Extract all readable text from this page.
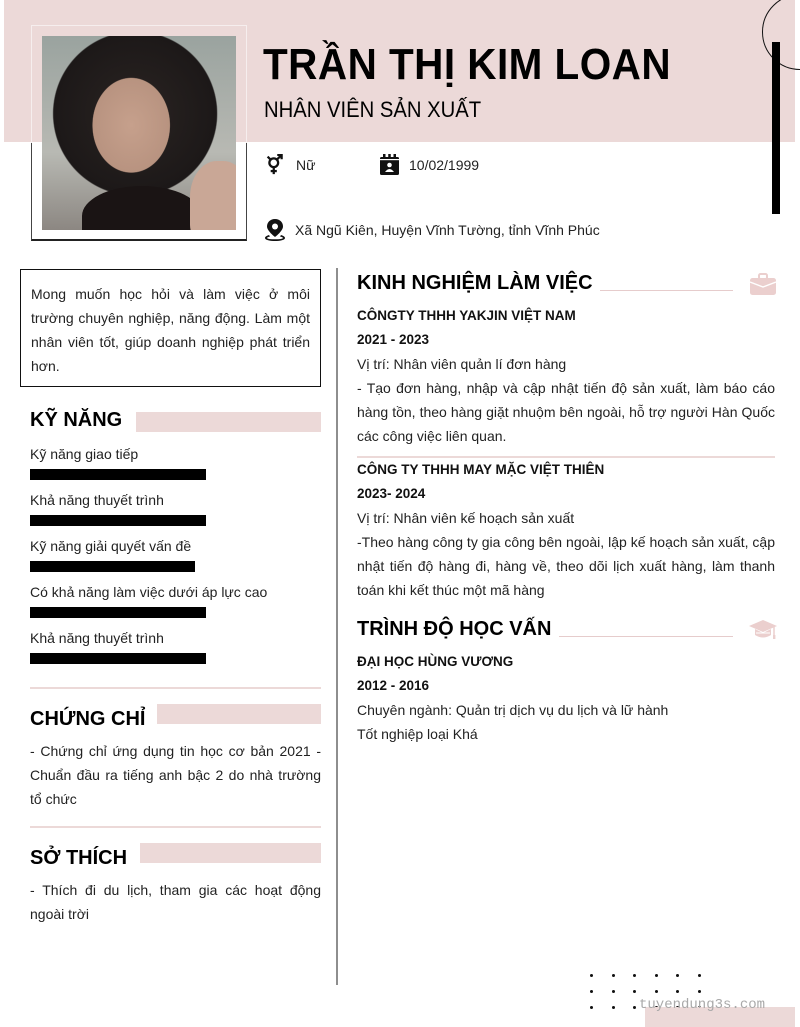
TRẦN THỊ KIM LOAN
NHÂN VIÊN SẢN XUẤT
Nữ	10/02/1999
Xã Ngũ Kiên, Huyện Vĩnh Tường, tỉnh Vĩnh Phúc
Mong muốn học hỏi và làm việc ở môi trường chuyên nghiệp, năng động. Làm một nhân viên tốt, giúp doanh nghiệp phát triển hơn.
KỸ NĂNG
Kỹ năng giao tiếp
Khả năng thuyết trình
Kỹ năng giải quyết vấn đề
Có khả năng làm việc dưới áp lực cao
Khả năng thuyết trình
CHỨNG CHỈ
- Chứng chỉ ứng dụng tin học cơ bản 2021 - Chuẩn đầu ra tiếng anh bậc 2 do nhà trường tổ chức
SỞ THÍCH
- Thích đi du lịch, tham gia các hoạt động ngoài trời
KINH NGHIỆM LÀM VIỆC
CÔNGTY THHH YAKJIN VIỆT NAM
2021 - 2023
Vị trí: Nhân viên quản lí đơn hàng
- Tạo đơn hàng, nhập và cập nhật tiến độ sản xuất, làm báo cáo hàng tồn, theo hàng giặt nhuộm bên ngoài, hỗ trợ người Hàn Quốc các công việc liên quan.
CÔNG TY THHH MAY MẶC VIỆT THIÊN
2023- 2024
Vị trí: Nhân viên kế hoạch sản xuất
-Theo hàng công ty gia công bên ngoài, lập kế hoạch sản xuất, cập nhật tiến độ hàng đi, hàng về, theo dõi lịch xuất hàng, làm thanh toán khi kết thúc một mã hàng
TRÌNH ĐỘ HỌC VẤN
ĐẠI HỌC HÙNG VƯƠNG
2012 - 2016
Chuyên ngành: Quản trị dịch vụ du lịch và lữ hành
Tốt nghiệp loại Khá
tuyendung3s.com
